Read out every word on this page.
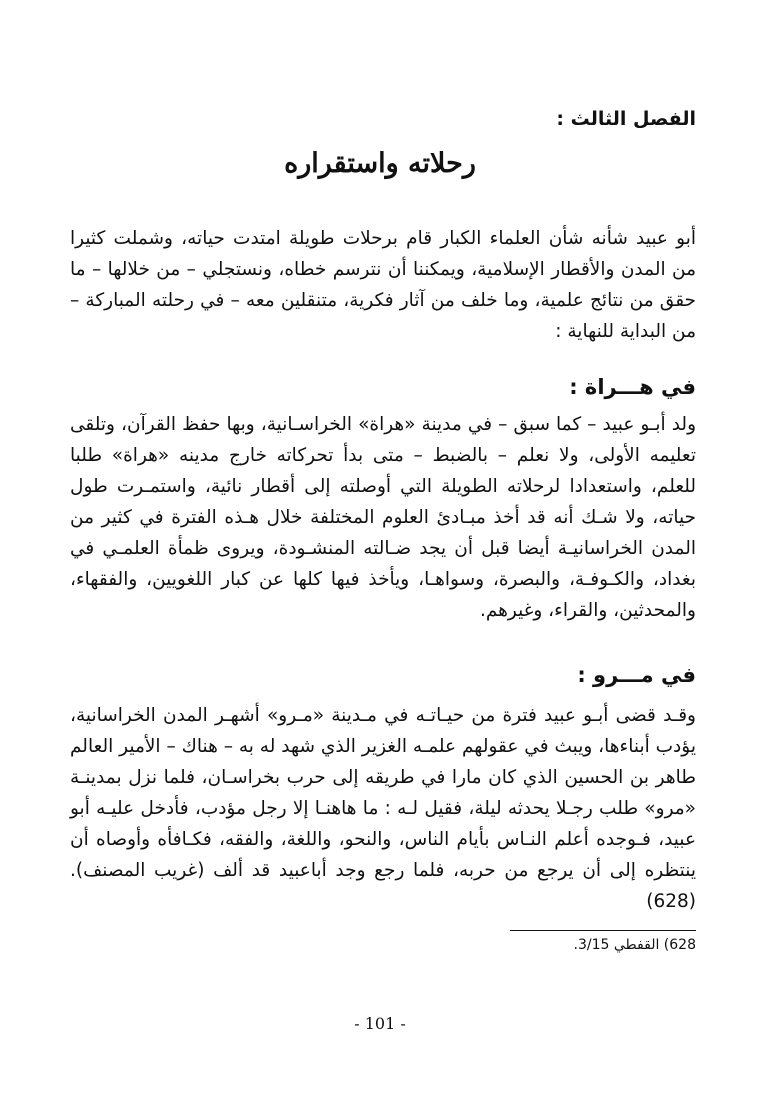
الفصل الثالث :
رحلاته واستقراره

أبو عبيد شأنه شأن العلماء الكبار قام برحلات طويلة امتدت حياته، وشملت كثيرا من المدن والأقطار الإسلامية، ويمكننا أن نترسم خطاه، ونستجلي – من خلالها – ما حقق من نتائج علمية، وما خلف من آثار فكرية، متنقلين معه – في رحلته المباركة – من البداية للنهاية :

في هـــراة :

ولد أبـو عبيد – كما سبق – في مدينة «هراة» الخراسـانية، وبها حفظ القرآن، وتلقى تعليمه الأولى، ولا نعلم – بالضبط – متى بدأ تحركاته خارج مدينه «هراة» طلبا للعلم، واستعدادا لرحلاته الطويلة التي أوصلته إلى أقطار نائية، واستمـرت طول حياته، ولا شـك أنه قد أخذ مبـادئ العلوم المختلفة خلال هـذه الفترة في كثير من المدن الخراسانيـة أيضا قبل أن يجد ضـالته المنشـودة، ويروى ظمأة العلمـي في بغداد، والكـوفـة، والبصرة، وسواهـا، ويأخذ فيها كلها عن كبار اللغويين، والفقهاء، والمحدثين، والقراء، وغيرهم.

في مـــرو :

وقـد قضى أبـو عبيد فترة من حيـاتـه في مـدينة «مـرو» أشهـر المدن الخراسانية، يؤدب أبناءها، ويبث في عقولهم علمـه الغزير الذي شهد له به – هناك – الأمير العالم طاهر بن الحسين الذي كان مارا في طريقه إلى حرب بخراسـان، فلما نزل بمدينـة «مرو» طلب رجـلا يحدثه ليلة، فقيل لـه : ما هاهنـا إلا رجل مؤدب، فأدخل عليـه أبو عبيد، فـوجده أعلم النـاس بأيام الناس، والنحو، واللغة، والفقه، فكـافأه وأوصاه أن ينتظره إلى أن يرجع من حربه، فلما رجع وجد أباعبيد قد ألف (غريب المصنف).(628)

628) القفطي 3/15.
- 101 -
